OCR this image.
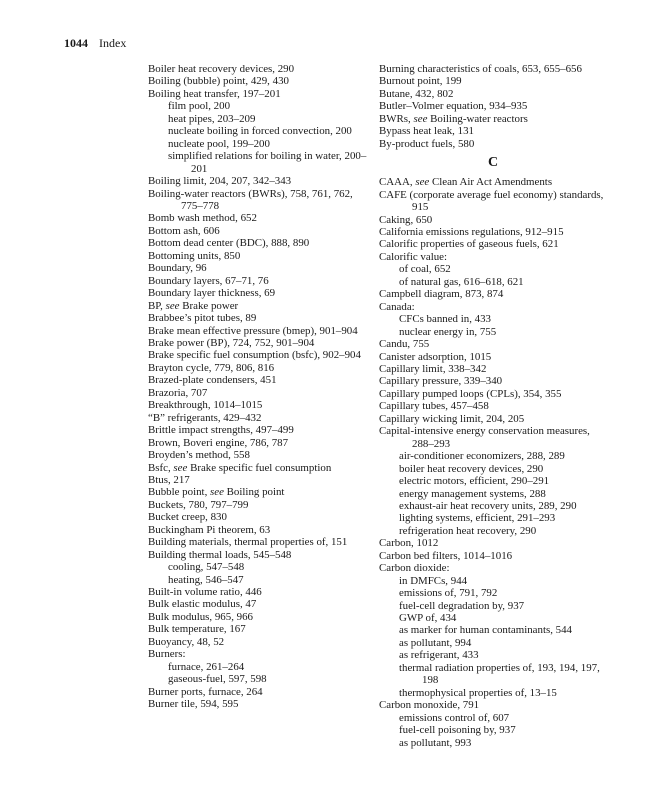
1044 Index
Boiler heat recovery devices, 290
Boiling (bubble) point, 429, 430
Boiling heat transfer, 197–201
film pool, 200
heat pipes, 203–209
nucleate boiling in forced convection, 200
nucleate pool, 199–200
simplified relations for boiling in water, 200–201
Boiling limit, 204, 207, 342–343
Boiling-water reactors (BWRs), 758, 761, 762, 775–778
Bomb wash method, 652
Bottom ash, 606
Bottom dead center (BDC), 888, 890
Bottoming units, 850
Boundary, 96
Boundary layers, 67–71, 76
Boundary layer thickness, 69
BP, see Brake power
Brabbee’s pitot tubes, 89
Brake mean effective pressure (bmep), 901–904
Brake power (BP), 724, 752, 901–904
Brake specific fuel consumption (bsfc), 902–904
Brayton cycle, 779, 806, 816
Brazed-plate condensers, 451
Brazoria, 707
Breakthrough, 1014–1015
“B” refrigerants, 429–432
Brittle impact strengths, 497–499
Brown, Boveri engine, 786, 787
Broyden’s method, 558
Bsfc, see Brake specific fuel consumption
Btus, 217
Bubble point, see Boiling point
Buckets, 780, 797–799
Bucket creep, 830
Buckingham Pi theorem, 63
Building materials, thermal properties of, 151
Building thermal loads, 545–548
cooling, 547–548
heating, 546–547
Built-in volume ratio, 446
Bulk elastic modulus, 47
Bulk modulus, 965, 966
Bulk temperature, 167
Buoyancy, 48, 52
Burners:
furnace, 261–264
gaseous-fuel, 597, 598
Burner ports, furnace, 264
Burner tile, 594, 595
Burning characteristics of coals, 653, 655–656
Burnout point, 199
Butane, 432, 802
Butler–Volmer equation, 934–935
BWRs, see Boiling-water reactors
Bypass heat leak, 131
By-product fuels, 580
C
CAAA, see Clean Air Act Amendments
CAFE (corporate average fuel economy) standards, 915
Caking, 650
California emissions regulations, 912–915
Calorific properties of gaseous fuels, 621
Calorific value:
of coal, 652
of natural gas, 616–618, 621
Campbell diagram, 873, 874
Canada:
CFCs banned in, 433
nuclear energy in, 755
Candu, 755
Canister adsorption, 1015
Capillary limit, 338–342
Capillary pressure, 339–340
Capillary pumped loops (CPLs), 354, 355
Capillary tubes, 457–458
Capillary wicking limit, 204, 205
Capital-intensive energy conservation measures, 288–293
air-conditioner economizers, 288, 289
boiler heat recovery devices, 290
electric motors, efficient, 290–291
energy management systems, 288
exhaust-air heat recovery units, 289, 290
lighting systems, efficient, 291–293
refrigeration heat recovery, 290
Carbon, 1012
Carbon bed filters, 1014–1016
Carbon dioxide:
in DMFCs, 944
emissions of, 791, 792
fuel-cell degradation by, 937
GWP of, 434
as marker for human contaminants, 544
as pollutant, 994
as refrigerant, 433
thermal radiation properties of, 193, 194, 197, 198
thermophysical properties of, 13–15
Carbon monoxide, 791
emissions control of, 607
fuel-cell poisoning by, 937
as pollutant, 993
